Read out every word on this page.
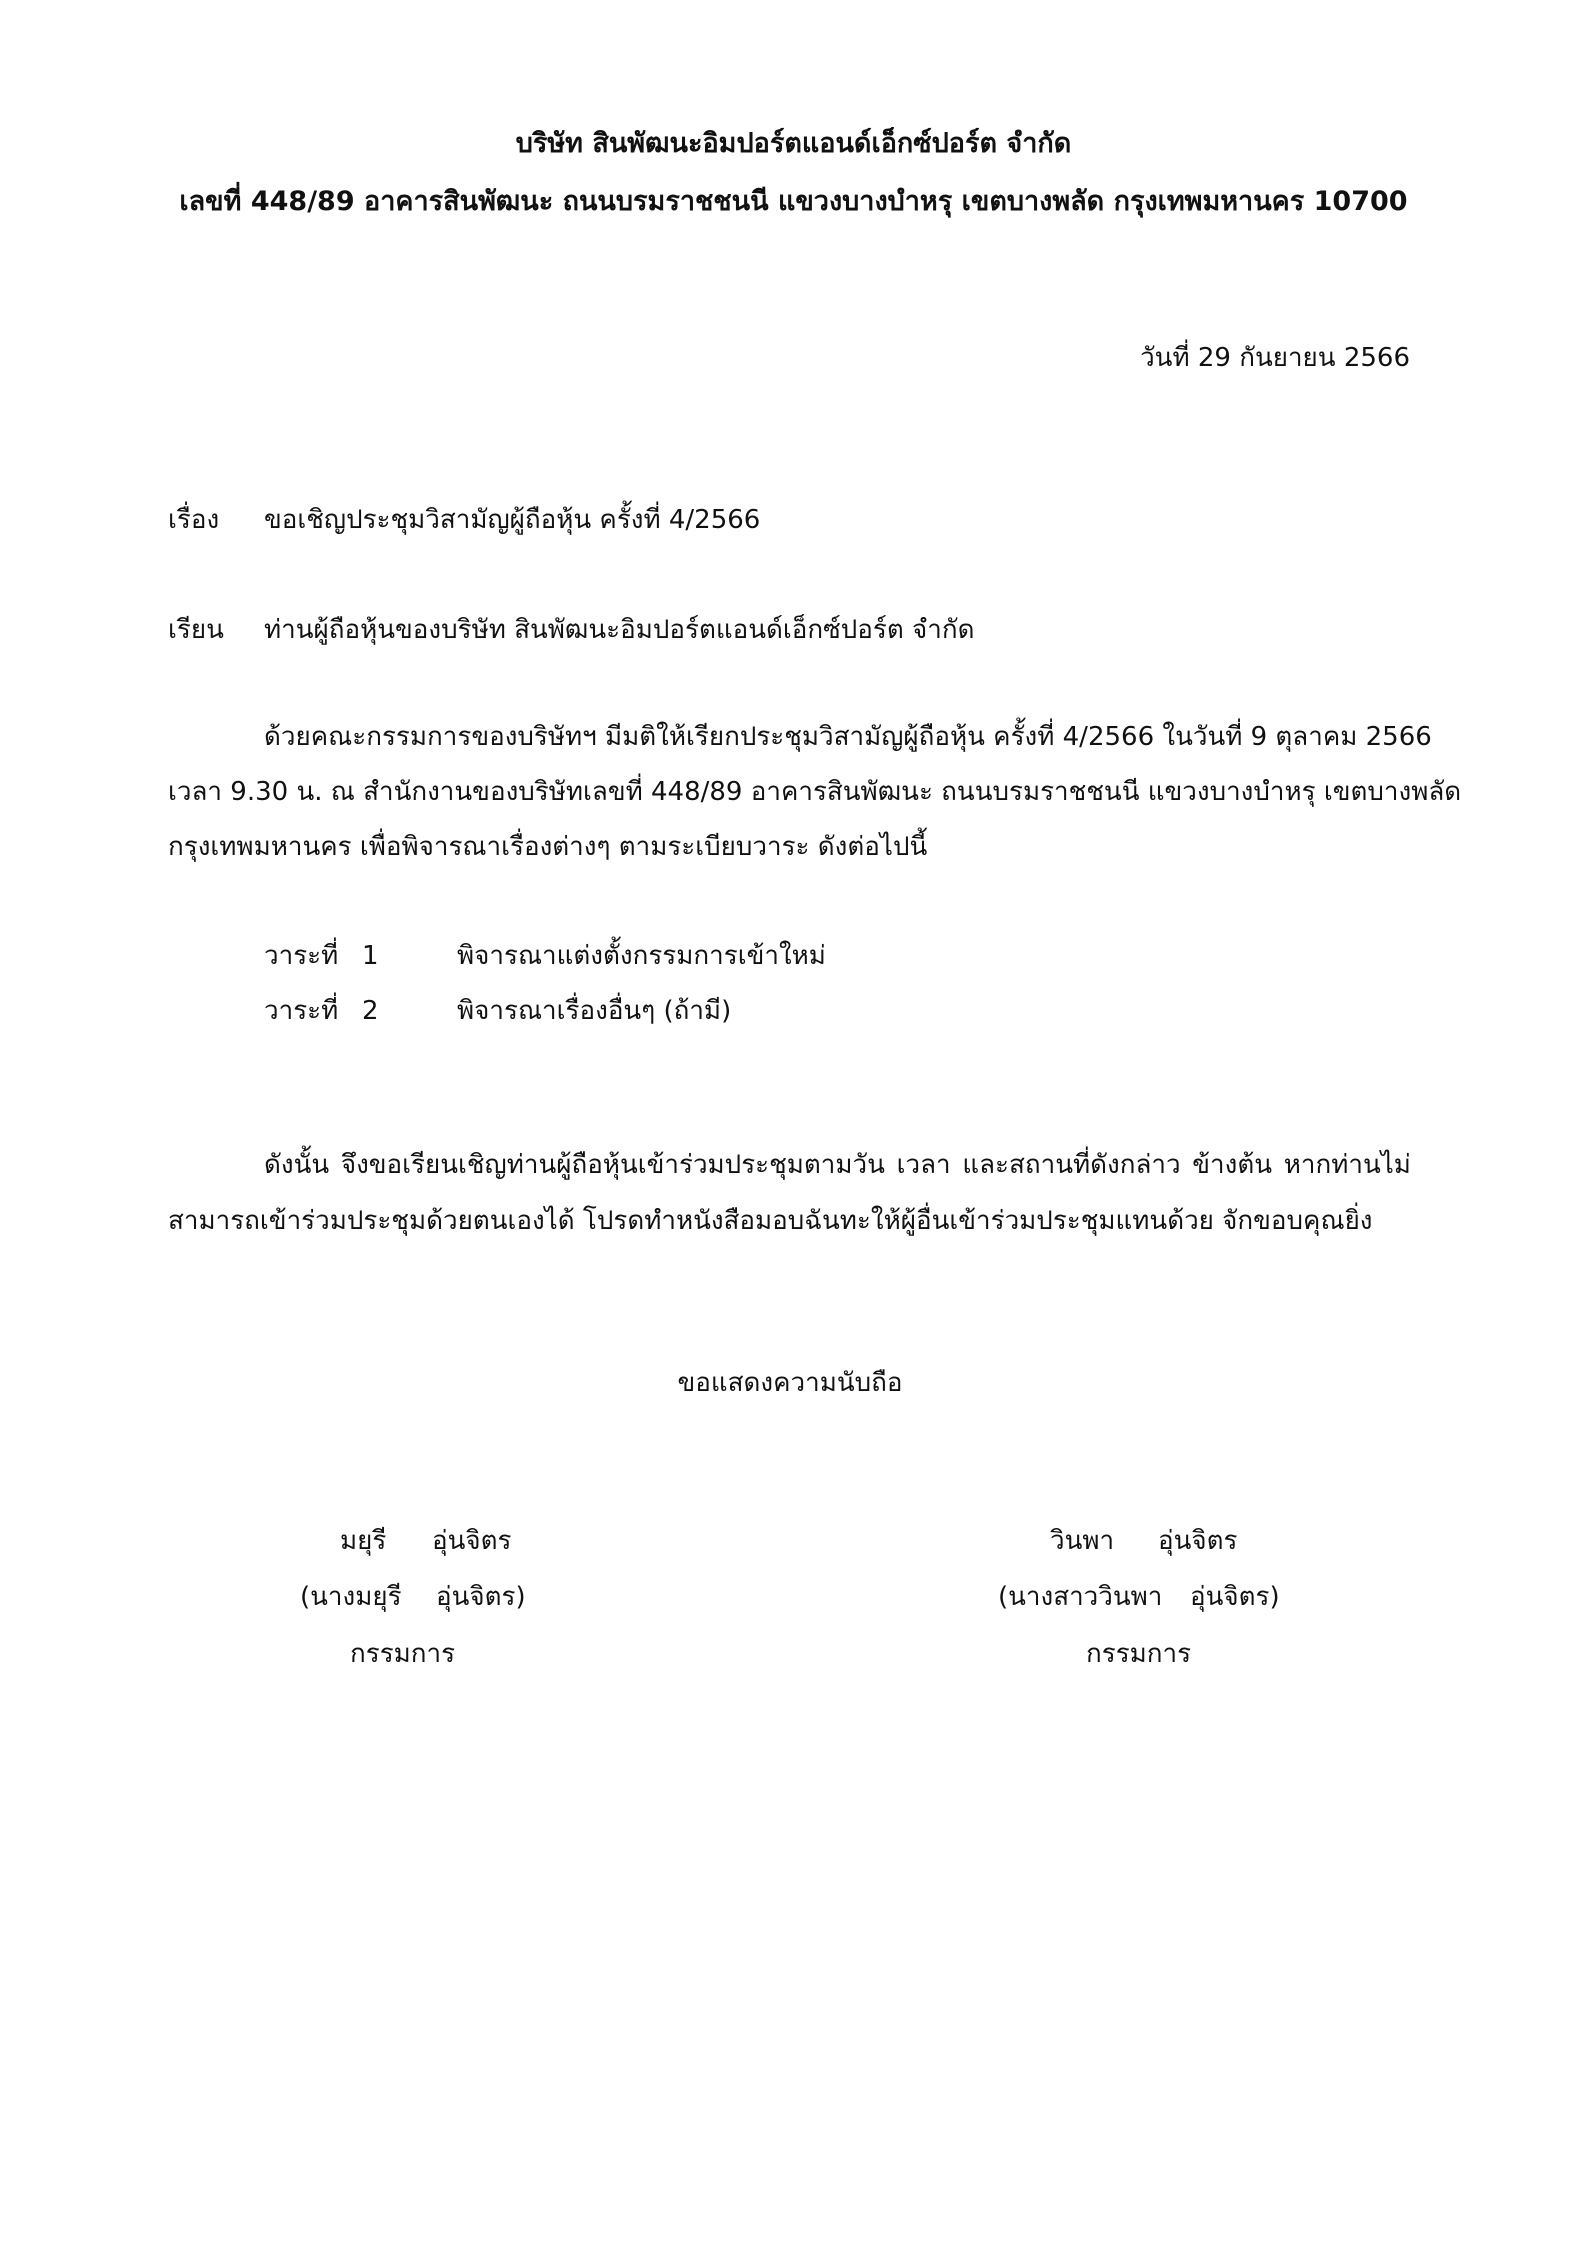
บริษัท สินพัฒนะอิมปอร์ตแอนด์เอ็กซ์ปอร์ต จำกัด
เลขที่ 448/89 อาคารสินพัฒนะ ถนนบรมราชชนนี แขวงบางบำหรุ เขตบางพลัด กรุงเทพมหานคร 10700
วันที่ 29 กันยายน 2566
เรื่อง ขอเชิญประชุมวิสามัญผู้ถือหุ้น ครั้งที่ 4/2566
เรียน ท่านผู้ถือหุ้นของบริษัท สินพัฒนะอิมปอร์ตแอนด์เอ็กซ์ปอร์ต จำกัด
ด้วยคณะกรรมการของบริษัทฯ มีมติให้เรียกประชุมวิสามัญผู้ถือหุ้น ครั้งที่ 4/2566 ในวันที่ 9 ตุลาคม 2566
เวลา 9.30 น. ณ สำนักงานของบริษัทเลขที่ 448/89 อาคารสินพัฒนะ ถนนบรมราชชนนี แขวงบางบำหรุ เขตบางพลัด
กรุงเทพมหานคร เพื่อพิจารณาเรื่องต่างๆ ตามระเบียบวาระ ดังต่อไปนี้
วาระที่ 1	พิจารณาแต่งตั้งกรรมการเข้าใหม่
วาระที่ 2	พิจารณาเรื่องอื่นๆ (ถ้ามี)
ดังนั้น จึงขอเรียนเชิญท่านผู้ถือหุ้นเข้าร่วมประชุมตามวัน เวลา และสถานที่ดังกล่าว ข้างต้น หากท่านไม่
สามารถเข้าร่วมประชุมด้วยตนเองได้ โปรดทำหนังสือมอบฉันทะให้ผู้อื่นเข้าร่วมประชุมแทนด้วย จักขอบคุณยิ่ง
ขอแสดงความนับถือ
มยุรี อุ่นจิตร
(นางมยุรี อุ่นจิตร)
กรรมการ
วินพา อุ่นจิตร
(นางสาววินพา อุ่นจิตร)
กรรมการ
